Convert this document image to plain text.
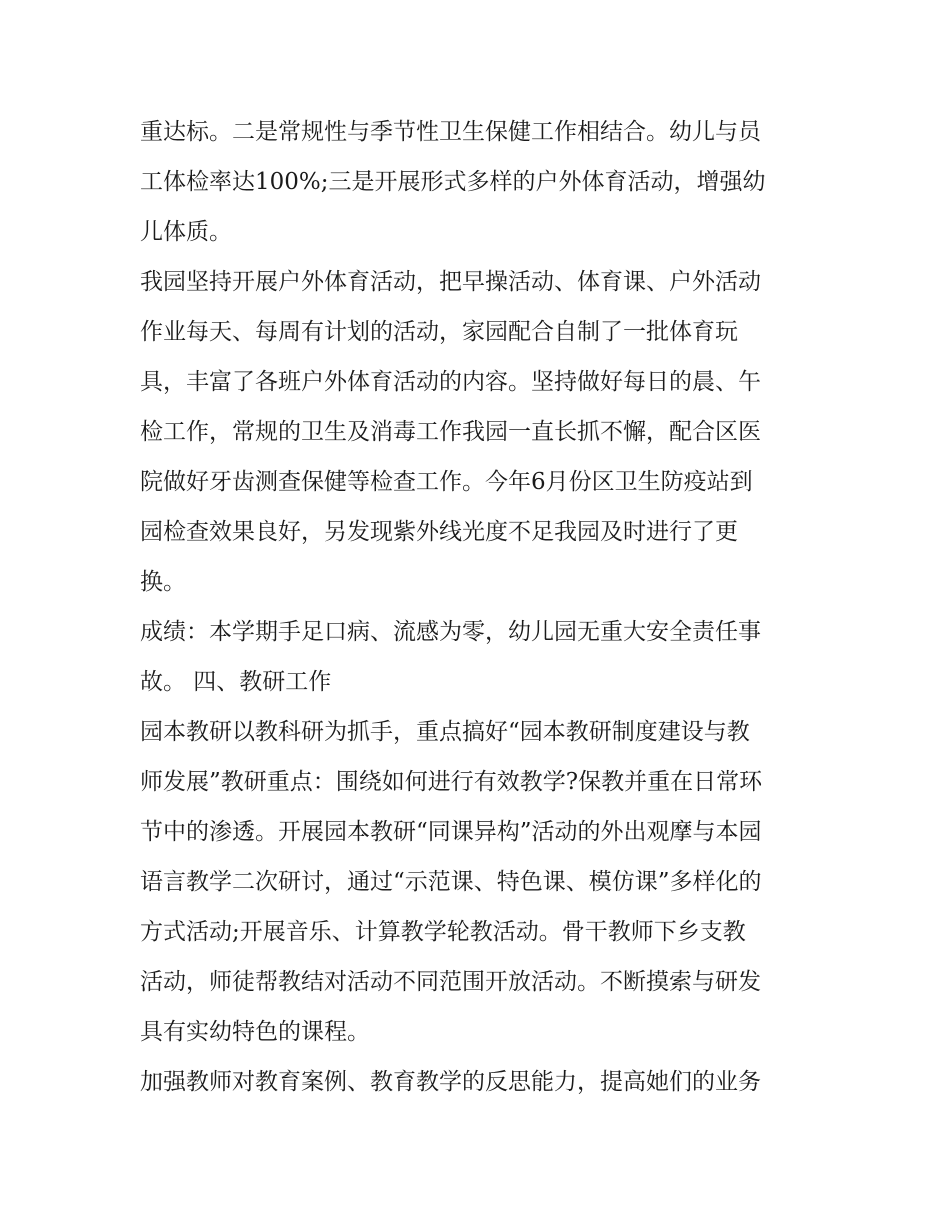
重达标。二是常规性与季节性卫生保健工作相结合。幼儿与员
工体检率达100%;三是开展形式多样的户外体育活动，增强幼
儿体质。
我园坚持开展户外体育活动，把早操活动、体育课、户外活动
作业每天、每周有计划的活动，家园配合自制了一批体育玩
具，丰富了各班户外体育活动的内容。坚持做好每日的晨、午
检工作，常规的卫生及消毒工作我园一直长抓不懈，配合区医
院做好牙齿测查保健等检查工作。今年6月份区卫生防疫站到
园检查效果良好，另发现紫外线光度不足我园及时进行了更
换。
成绩：本学期手足口病、流感为零，幼儿园无重大安全责任事
故。 四、教研工作
园本教研以教科研为抓手，重点搞好“园本教研制度建设与教
师发展”教研重点：围绕如何进行有效教学?保教并重在日常环
节中的渗透。开展园本教研“同课异构”活动的外出观摩与本园
语言教学二次研讨，通过“示范课、特色课、模仿课”多样化的
方式活动;开展音乐、计算教学轮教活动。骨干教师下乡支教
活动，师徒帮教结对活动不同范围开放活动。不断摸索与研发
具有实幼特色的课程。
加强教师对教育案例、教育教学的反思能力，提高她们的业务
